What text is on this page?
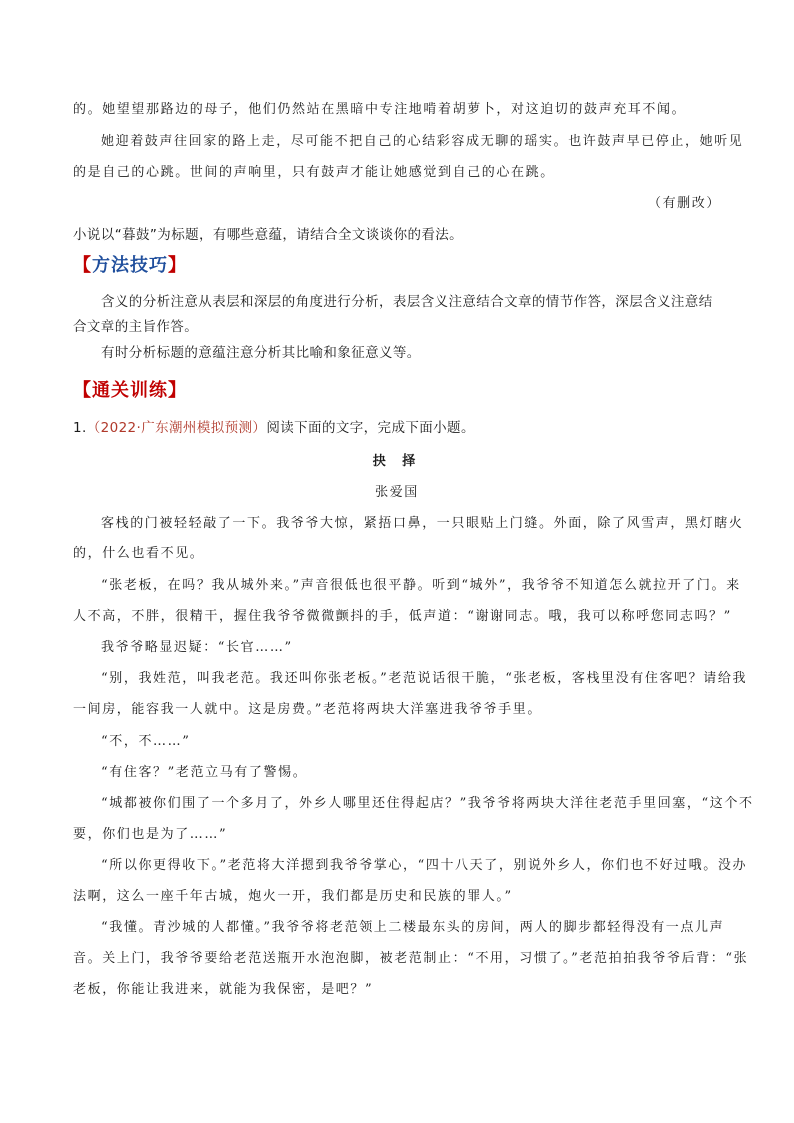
的。她望望那路边的母子，他们仍然站在黑暗中专注地啃着胡萝卜，对这迫切的鼓声充耳不闻。
她迎着鼓声往回家的路上走，尽可能不把自己的心结彩容成无聊的瑶实。也许鼓声早已停止，她听见
的是自己的心跳。世间的声响里，只有鼓声才能让她感觉到自己的心在跳。
（有删改）
小说以“暮鼓”为标题，有哪些意蕴，请结合全文谈谈你的看法。
【方法技巧】
含义的分析注意从表层和深层的角度进行分析，表层含义注意结合文章的情节作答，深层含义注意结
合文章的主旨作答。
有时分析标题的意蕴注意分析其比喻和象征意义等。
【通关训练】
1.（2022·广东潮州模拟预测）阅读下面的文字，完成下面小题。
抉 择
张爱国
客栈的门被轻轻敲了一下。我爷爷大惊，紧捂口鼻，一只眼贴上门缝。外面，除了风雪声，黑灯瞎火
的，什么也看不见。
“张老板，在吗？我从城外来。”声音很低也很平静。听到“城外”，我爷爷不知道怎么就拉开了门。来
人不高，不胖，很精干，握住我爷爷微微颤抖的手，低声道：“谢谢同志。哦，我可以称呼您同志吗？”
我爷爷略显迟疑：“长官……”
“别，我姓范，叫我老范。我还叫你张老板。”老范说话很干脆，“张老板，客栈里没有住客吧？请给我
一间房，能容我一人就中。这是房费。”老范将两块大洋塞进我爷爷手里。
“不，不……”
“有住客？”老范立马有了警惕。
“城都被你们围了一个多月了，外乡人哪里还住得起店？”我爷爷将两块大洋往老范手里回塞，“这个不
要，你们也是为了……”
“所以你更得收下。”老范将大洋摁到我爷爷掌心，“四十八天了，别说外乡人，你们也不好过哦。没办
法啊，这么一座千年古城，炮火一开，我们都是历史和民族的罪人。”
“我懂。青沙城的人都懂。”我爷爷将老范领上二楼最东头的房间，两人的脚步都轻得没有一点儿声
音。关上门，我爷爷要给老范送瓶开水泡泡脚，被老范制止：“不用，习惯了。”老范拍拍我爷爷后背：“张
老板，你能让我进来，就能为我保密，是吧？”
